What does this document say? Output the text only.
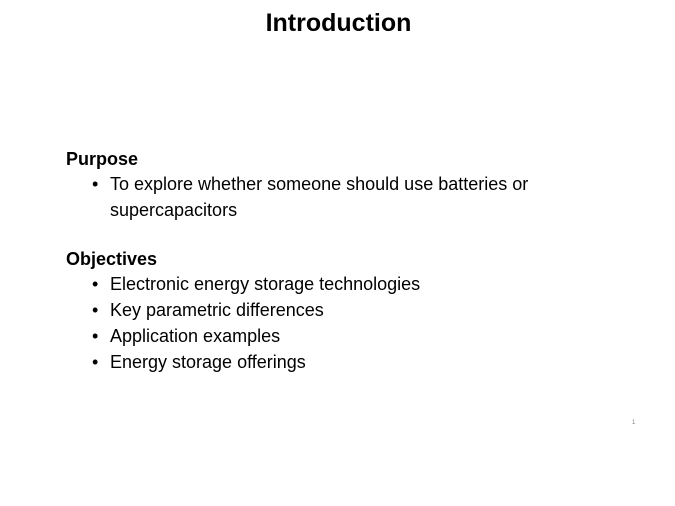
Introduction
Purpose
• To explore whether someone should use batteries or supercapacitors
Objectives
• Electronic energy storage technologies
• Key parametric differences
• Application examples
• Energy storage offerings
1
